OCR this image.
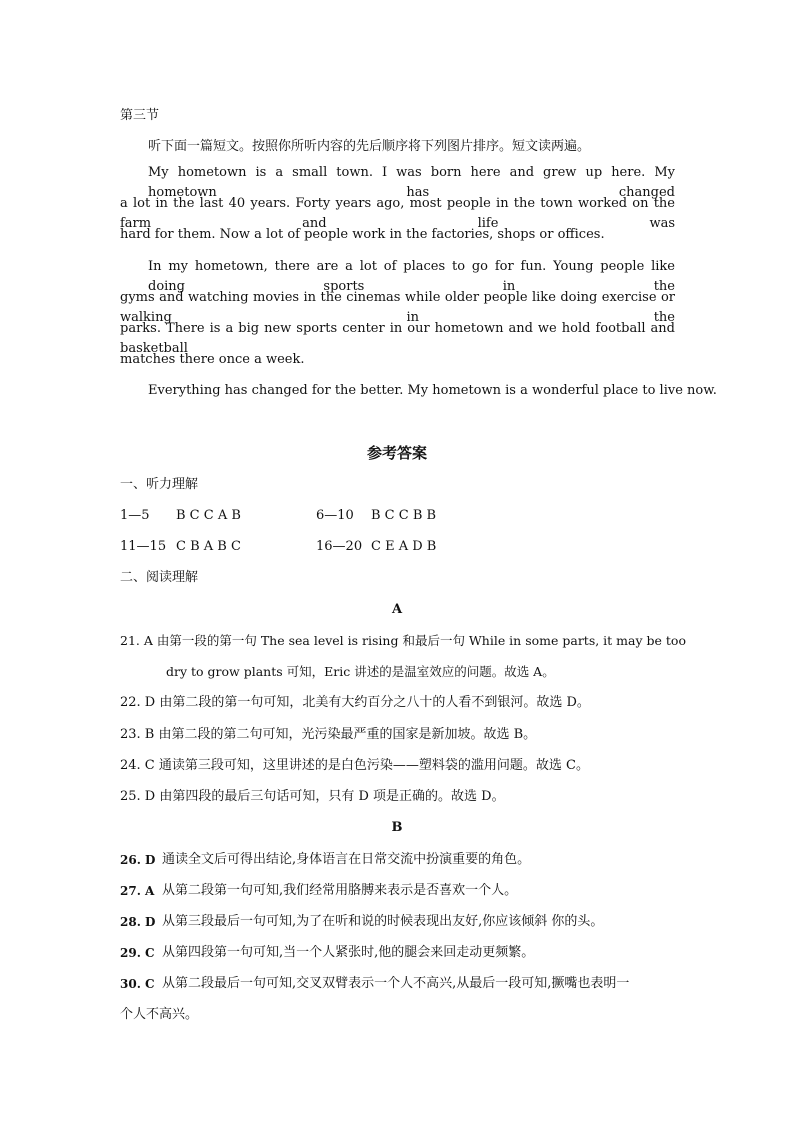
第三节
听下面一篇短文。按照你所听内容的先后顺序将下列图片排序。短文读两遍。
My hometown is a small town. I was born here and grew up here. My hometown has changed
a lot in the last 40 years. Forty years ago, most people in the town worked on the farm and life was
hard for them. Now a lot of people work in the factories, shops or offices.
In my hometown, there are a lot of places to go for fun. Young people like doing sports in the
gyms and watching movies in the cinemas while older people like doing exercise or walking in the
parks. There is a big new sports center in our hometown and we hold football and basketball
matches there once a week.
Everything has changed for the better. My hometown is a wonderful place to live now.
参考答案
一、听力理解
1—5 B C C A B	6—10 B C C B B
11—15 C B A B C	16—20 C E A D B
二、阅读理解
A
21. A 由第一段的第一句 The sea level is rising 和最后一句 While in some parts, it may be too
dry to grow plants 可知，Eric 讲述的是温室效应的问题。故选 A。
22. D 由第二段的第一句可知，北美有大约百分之八十的人看不到银河。故选 D。
23. B 由第二段的第二句可知，光污染最严重的国家是新加坡。故选 B。
24. C 通读第三段可知，这里讲述的是白色污染——塑料袋的滥用问题。故选 C。
25. D 由第四段的最后三句话可知，只有 D 项是正确的。故选 D。
B
26. D 通读全文后可得出结论,身体语言在日常交流中扮演重要的角色。
27. A 从第二段第一句可知,我们经常用胳膊来表示是否喜欢一个人。
28. D 从第三段最后一句可知,为了在听和说的时候表现出友好,你应该倾斜 你的头。
29. C 从第四段第一句可知,当一个人紧张时,他的腿会来回走动更频繁。
30. C 从第二段最后一句可知,交叉双臂表示一个人不高兴,从最后一段可知,撅嘴也表明一
个人不高兴。
